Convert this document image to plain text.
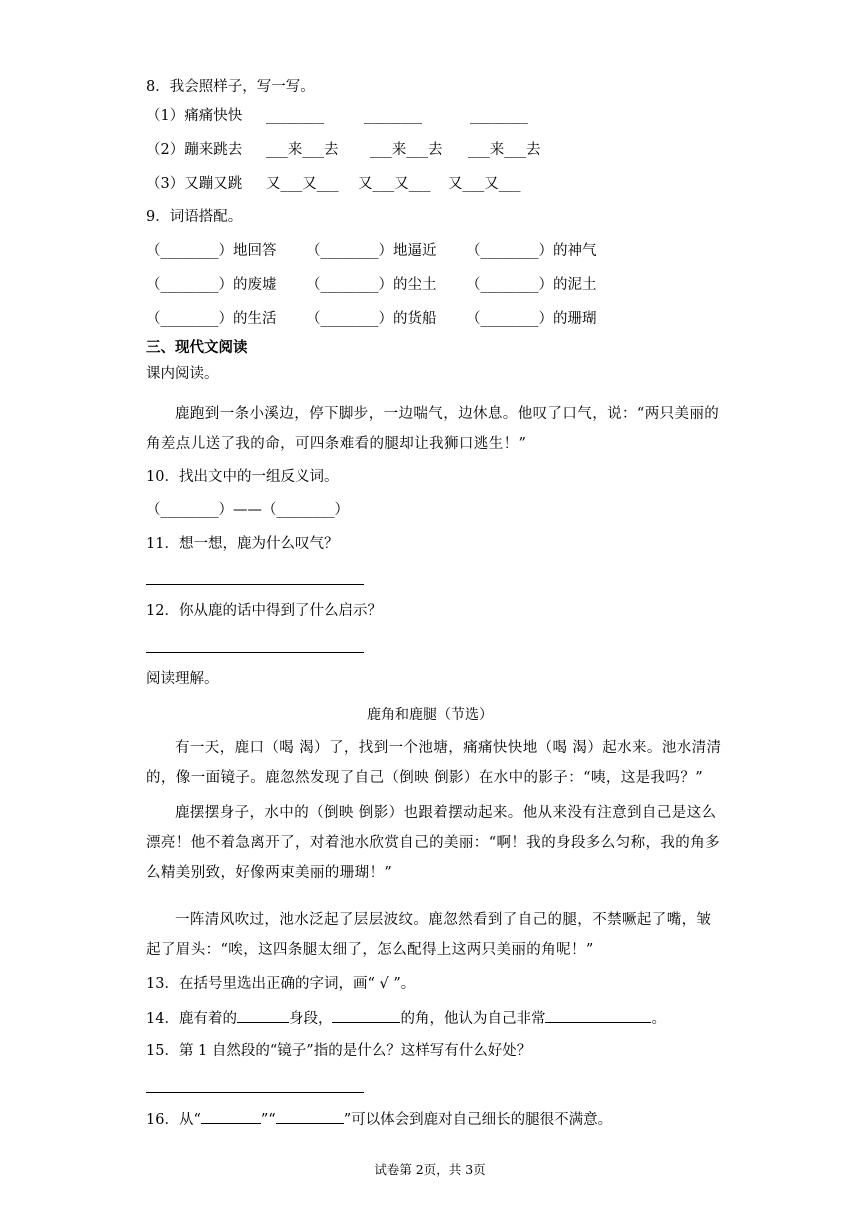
8．我会照样子，写一写。
（1）痛痛快快 ________	________	________
（2）蹦来跳去 ___来___去 ___来___去 ___来___去
（3）又蹦又跳 又___又___ 又___又___ 又___又___
9．词语搭配。
（________）地回答 （________）地逼近 （________）的神气
（________）的废墟 （________）的尘土 （________）的泥土
（________）的生活 （________）的货船 （________）的珊瑚
三、现代文阅读
课内阅读。
鹿跑到一条小溪边，停下脚步，一边喘气，边休息。他叹了口气，说：“两只美丽的角差点儿送了我的命，可四条难看的腿却让我狮口逃生！”
10．找出文中的一组反义词。
（________）——（________）
11．想一想，鹿为什么叹气？
12．你从鹿的话中得到了什么启示？
阅读理解。
鹿角和鹿腿（节选）
有一天，鹿口（喝 渴）了，找到一个池塘，痛痛快快地（喝 渴）起水来。池水清清的，像一面镜子。鹿忽然发现了自己（倒映 倒影）在水中的影子：“咦，这是我吗？”
鹿摆摆身子，水中的（倒映 倒影）也跟着摆动起来。他从来没有注意到自己是这么漂亮！他不着急离开了，对着池水欣赏自己的美丽：“啊！我的身段多么匀称，我的角多么精美别致，好像两束美丽的珊瑚！”
一阵清风吹过，池水泛起了层层波纹。鹿忽然看到了自己的腿，不禁噘起了嘴，皱起了眉头：“唉，这四条腿太细了，怎么配得上这两只美丽的角呢！”
13．在括号里选出正确的字词，画“ √ ”。
14．鹿有着的	身段，	的角，他认为自己非常	。
15．第 1 自然段的“镜子”指的是什么？这样写有什么好处？
16．从“	”“	”可以体会到鹿对自己细长的腿很不满意。
试卷第 2页，共 3页
